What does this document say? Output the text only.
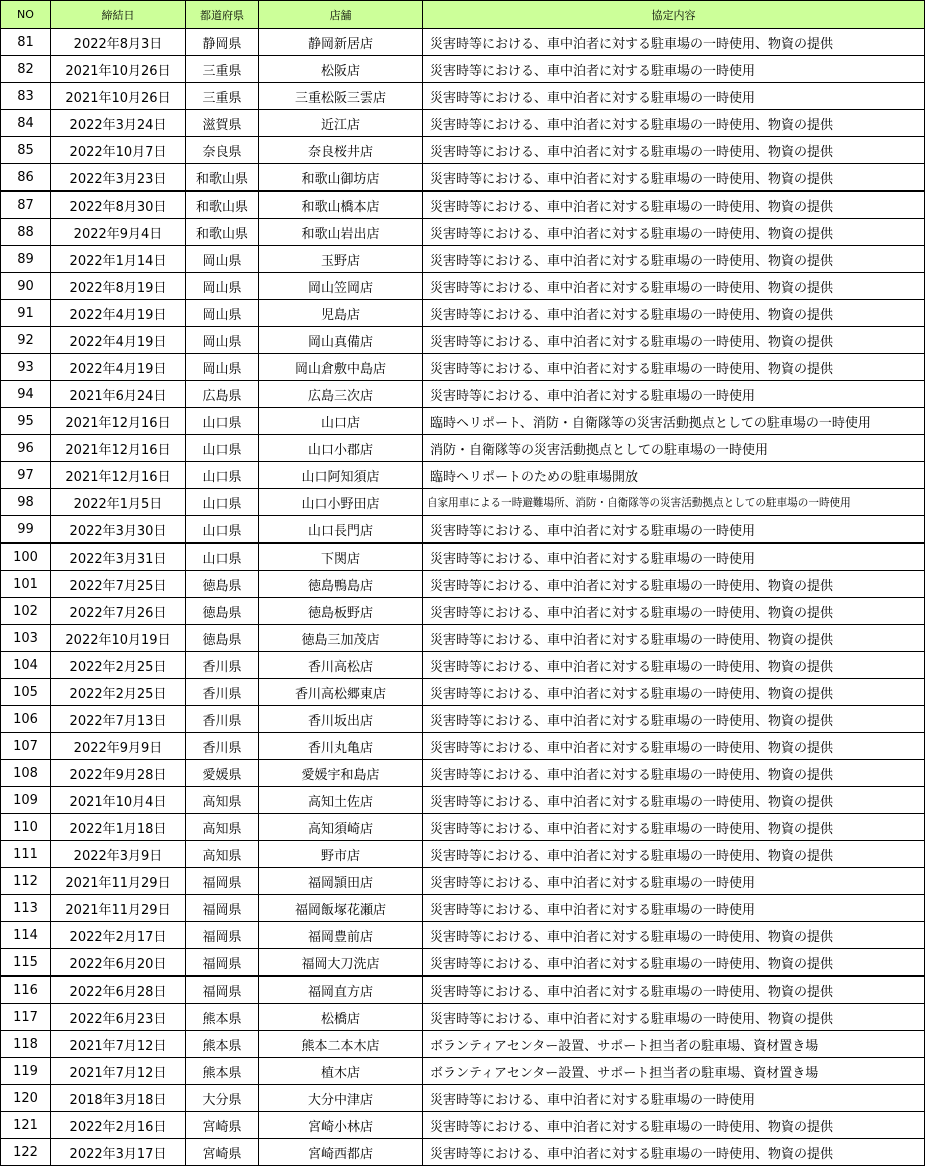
NO	締結日	都道府県	店舗	協定内容
81	2022年8月3日	静岡県	静岡新居店	災害時等における、車中泊者に対する駐車場の一時使用、物資の提供
82	2021年10月26日	三重県	松阪店	災害時等における、車中泊者に対する駐車場の一時使用
83	2021年10月26日	三重県	三重松阪三雲店	災害時等における、車中泊者に対する駐車場の一時使用
84	2022年3月24日	滋賀県	近江店	災害時等における、車中泊者に対する駐車場の一時使用、物資の提供
85	2022年10月7日	奈良県	奈良桜井店	災害時等における、車中泊者に対する駐車場の一時使用、物資の提供
86	2022年3月23日	和歌山県	和歌山御坊店	災害時等における、車中泊者に対する駐車場の一時使用、物資の提供
87	2022年8月30日	和歌山県	和歌山橋本店	災害時等における、車中泊者に対する駐車場の一時使用、物資の提供
88	2022年9月4日	和歌山県	和歌山岩出店	災害時等における、車中泊者に対する駐車場の一時使用、物資の提供
89	2022年1月14日	岡山県	玉野店	災害時等における、車中泊者に対する駐車場の一時使用、物資の提供
90	2022年8月19日	岡山県	岡山笠岡店	災害時等における、車中泊者に対する駐車場の一時使用、物資の提供
91	2022年4月19日	岡山県	児島店	災害時等における、車中泊者に対する駐車場の一時使用、物資の提供
92	2022年4月19日	岡山県	岡山真備店	災害時等における、車中泊者に対する駐車場の一時使用、物資の提供
93	2022年4月19日	岡山県	岡山倉敷中島店	災害時等における、車中泊者に対する駐車場の一時使用、物資の提供
94	2021年6月24日	広島県	広島三次店	災害時等における、車中泊者に対する駐車場の一時使用
95	2021年12月16日	山口県	山口店	臨時ヘリポート、消防・自衛隊等の災害活動拠点としての駐車場の一時使用
96	2021年12月16日	山口県	山口小郡店	消防・自衛隊等の災害活動拠点としての駐車場の一時使用
97	2021年12月16日	山口県	山口阿知須店	臨時ヘリポートのための駐車場開放
98	2022年1月5日	山口県	山口小野田店	自家用車による一時避難場所、消防・自衛隊等の災害活動拠点としての駐車場の一時使用
99	2022年3月30日	山口県	山口長門店	災害時等における、車中泊者に対する駐車場の一時使用
100	2022年3月31日	山口県	下関店	災害時等における、車中泊者に対する駐車場の一時使用
101	2022年7月25日	徳島県	徳島鴨島店	災害時等における、車中泊者に対する駐車場の一時使用、物資の提供
102	2022年7月26日	徳島県	徳島板野店	災害時等における、車中泊者に対する駐車場の一時使用、物資の提供
103	2022年10月19日	徳島県	徳島三加茂店	災害時等における、車中泊者に対する駐車場の一時使用、物資の提供
104	2022年2月25日	香川県	香川高松店	災害時等における、車中泊者に対する駐車場の一時使用、物資の提供
105	2022年2月25日	香川県	香川高松郷東店	災害時等における、車中泊者に対する駐車場の一時使用、物資の提供
106	2022年7月13日	香川県	香川坂出店	災害時等における、車中泊者に対する駐車場の一時使用、物資の提供
107	2022年9月9日	香川県	香川丸亀店	災害時等における、車中泊者に対する駐車場の一時使用、物資の提供
108	2022年9月28日	愛媛県	愛媛宇和島店	災害時等における、車中泊者に対する駐車場の一時使用、物資の提供
109	2021年10月4日	高知県	高知土佐店	災害時等における、車中泊者に対する駐車場の一時使用、物資の提供
110	2022年1月18日	高知県	高知須崎店	災害時等における、車中泊者に対する駐車場の一時使用、物資の提供
111	2022年3月9日	高知県	野市店	災害時等における、車中泊者に対する駐車場の一時使用、物資の提供
112	2021年11月29日	福岡県	福岡頴田店	災害時等における、車中泊者に対する駐車場の一時使用
113	2021年11月29日	福岡県	福岡飯塚花瀬店	災害時等における、車中泊者に対する駐車場の一時使用
114	2022年2月17日	福岡県	福岡豊前店	災害時等における、車中泊者に対する駐車場の一時使用、物資の提供
115	2022年6月20日	福岡県	福岡大刀洗店	災害時等における、車中泊者に対する駐車場の一時使用、物資の提供
116	2022年6月28日	福岡県	福岡直方店	災害時等における、車中泊者に対する駐車場の一時使用、物資の提供
117	2022年6月23日	熊本県	松橋店	災害時等における、車中泊者に対する駐車場の一時使用、物資の提供
118	2021年7月12日	熊本県	熊本二本木店	ボランティアセンター設置、サポート担当者の駐車場、資材置き場
119	2021年7月12日	熊本県	植木店	ボランティアセンター設置、サポート担当者の駐車場、資材置き場
120	2018年3月18日	大分県	大分中津店	災害時等における、車中泊者に対する駐車場の一時使用
121	2022年2月16日	宮崎県	宮崎小林店	災害時等における、車中泊者に対する駐車場の一時使用、物資の提供
122	2022年3月17日	宮崎県	宮崎西都店	災害時等における、車中泊者に対する駐車場の一時使用、物資の提供
